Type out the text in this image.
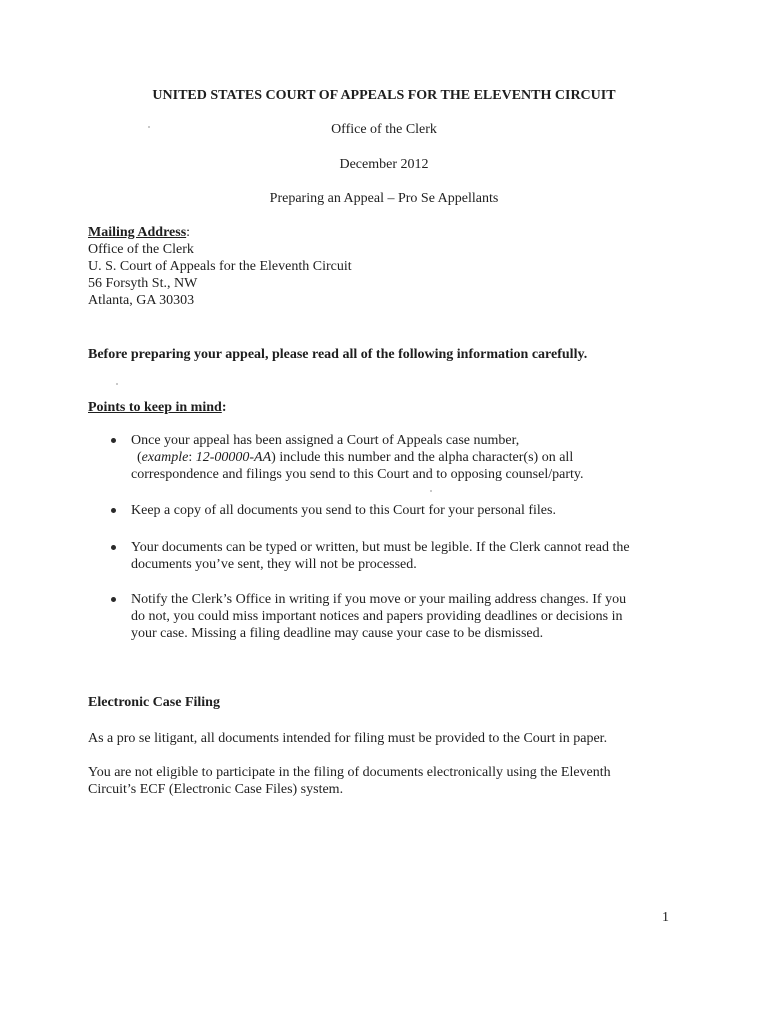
UNITED STATES COURT OF APPEALS FOR THE ELEVENTH CIRCUIT
Office of the Clerk
December 2012
Preparing an Appeal – Pro Se Appellants
Mailing Address:
Office of the Clerk
U. S. Court of Appeals for the Eleventh Circuit
56 Forsyth St., NW
Atlanta, GA 30303
Before preparing your appeal, please read all of the following information carefully.
Points to keep in mind:
Once your appeal has been assigned a Court of Appeals case number,
(example: 12-00000-AA) include this number and the alpha character(s) on all
correspondence and filings you send to this Court and to opposing counsel/party.
Keep a copy of all documents you send to this Court for your personal files.
Your documents can be typed or written, but must be legible. If the Clerk cannot read the
documents you’ve sent, they will not be processed.
Notify the Clerk’s Office in writing if you move or your mailing address changes. If you
do not, you could miss important notices and papers providing deadlines or decisions in
your case. Missing a filing deadline may cause your case to be dismissed.
Electronic Case Filing
As a pro se litigant, all documents intended for filing must be provided to the Court in paper.
You are not eligible to participate in the filing of documents electronically using the Eleventh
Circuit’s ECF (Electronic Case Files) system.
1
